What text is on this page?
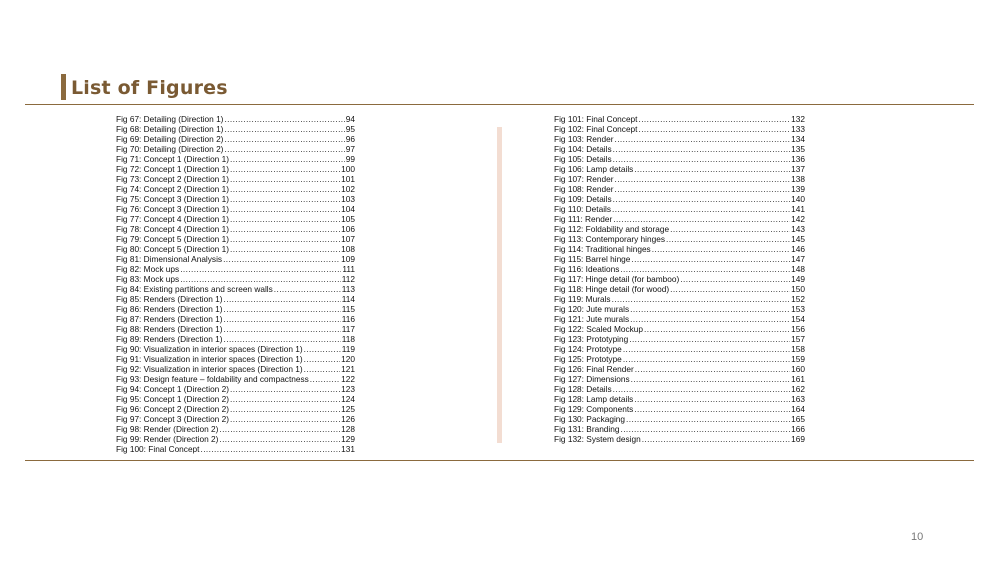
List of Figures
Fig 67: Detailing (Direction 1) .....	94
Fig 68: Detailing (Direction 1) .....	95
Fig 69: Detailing (Direction 2) .....	96
Fig 70: Detailing (Direction 2) .....	97
Fig 71: Concept 1 (Direction 1) .....	99
Fig 72: Concept 1 (Direction 1) .....	100
Fig 73: Concept 2 (Direction 1) .....	101
Fig 74: Concept 2 (Direction 1) .....	102
Fig 75: Concept 3 (Direction 1) .....	103
Fig 76: Concept 3 (Direction 1) .....	104
Fig 77: Concept 4 (Direction 1) .....	105
Fig 78: Concept 4 (Direction 1) .....	106
Fig 79: Concept 5 (Direction 1) .....	107
Fig 80: Concept 5 (Direction 1) .....	108
Fig 81: Dimensional Analysis .....	109
Fig 82: Mock ups .....	111
Fig 83: Mock ups .....	112
Fig 84: Existing partitions and screen walls .....	113
Fig 85: Renders (Direction 1) .....	114
Fig 86: Renders (Direction 1) .....	115
Fig 87: Renders (Direction 1) .....	116
Fig 88: Renders (Direction 1) .....	117
Fig 89: Renders (Direction 1) .....	118
Fig 90: Visualization in interior spaces (Direction 1) .....	119
Fig 91: Visualization in interior spaces (Direction 1) .....	120
Fig 92: Visualization in interior spaces (Direction 1) .....	121
Fig 93: Design feature – foldability and compactness .....	122
Fig 94: Concept 1 (Direction 2) .....	123
Fig 95: Concept 1 (Direction 2) .....	124
Fig 96: Concept 2 (Direction 2) .....	125
Fig 97: Concept 3 (Direction 2) .....	126
Fig 98: Render (Direction 2) .....	128
Fig 99: Render (Direction 2) .....	129
Fig 100: Final Concept .....	131
Fig 101: Final Concept .....	132
Fig 102: Final Concept .....	133
Fig 103: Render .....	134
Fig 104: Details .....	135
Fig 105: Details .....	136
Fig 106: Lamp details .....	137
Fig 107: Render .....	138
Fig 108: Render .....	139
Fig 109: Details .....	140
Fig 110: Details .....	141
Fig 111: Render .....	142
Fig 112: Foldability and storage .....	143
Fig 113: Contemporary hinges .....	145
Fig 114: Traditional hinges .....	146
Fig 115: Barrel hinge .....	147
Fig 116: Ideations .....	148
Fig 117: Hinge detail (for bamboo) .....	149
Fig 118: Hinge detail (for wood) .....	150
Fig 119: Murals .....	152
Fig 120: Jute murals .....	153
Fig 121: Jute murals .....	154
Fig 122: Scaled Mockup .....	156
Fig 123: Prototyping .....	157
Fig 124: Prototype .....	158
Fig 125: Prototype .....	159
Fig 126: Final Render .....	160
Fig 127: Dimensions .....	161
Fig 128: Details .....	162
Fig 128: Lamp details .....	163
Fig 129: Components .....	164
Fig 130: Packaging .....	165
Fig 131: Branding .....	166
Fig 132: System design .....	169
10
